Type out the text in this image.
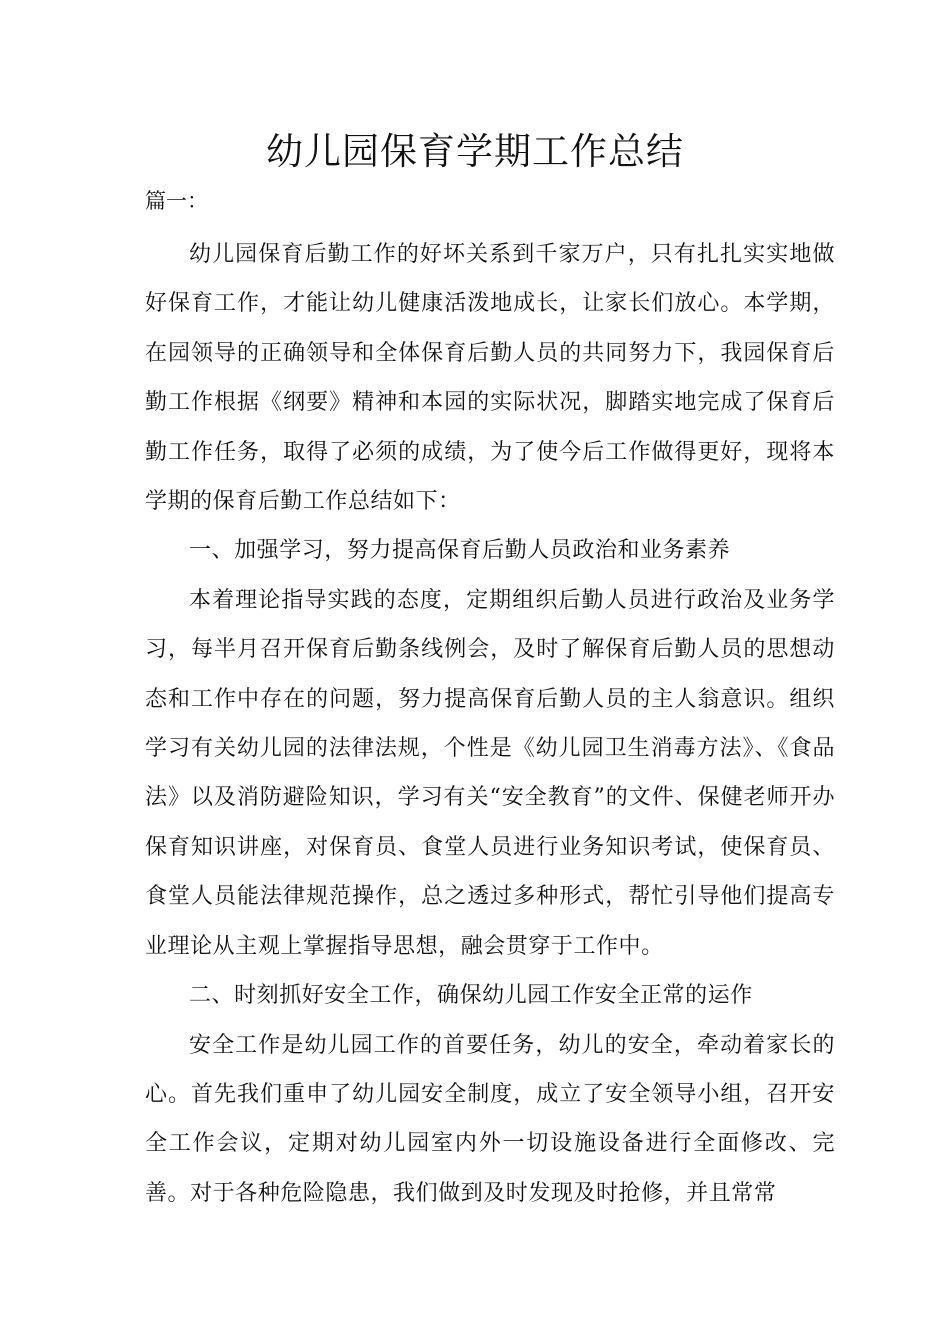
幼儿园保育学期工作总结
篇一：

幼儿园保育后勤工作的好坏关系到千家万户，只有扎扎实实地做好保育工作，才能让幼儿健康活泼地成长，让家长们放心。本学期，在园领导的正确领导和全体保育后勤人员的共同努力下，我园保育后勤工作根据《纲要》精神和本园的实际状况，脚踏实地完成了保育后勤工作任务，取得了必须的成绩，为了使今后工作做得更好，现将本学期的保育后勤工作总结如下：

一、加强学习，努力提高保育后勤人员政治和业务素养

本着理论指导实践的态度，定期组织后勤人员进行政治及业务学习，每半月召开保育后勤条线例会，及时了解保育后勤人员的思想动态和工作中存在的问题，努力提高保育后勤人员的主人翁意识。组织学习有关幼儿园的法律法规，个性是《幼儿园卫生消毒方法》、《食品法》以及消防避险知识，学习有关“安全教育”的文件、保健老师开办保育知识讲座，对保育员、食堂人员进行业务知识考试，使保育员、食堂人员能法律规范操作，总之透过多种形式，帮忙引导他们提高专业理论从主观上掌握指导思想，融会贯穿于工作中。

二、时刻抓好安全工作，确保幼儿园工作安全正常的运作

安全工作是幼儿园工作的首要任务，幼儿的安全，牵动着家长的心。首先我们重申了幼儿园安全制度，成立了安全领导小组，召开安全工作会议，定期对幼儿园室内外一切设施设备进行全面修改、完善。对于各种危险隐患，我们做到及时发现及时抢修，并且常常
